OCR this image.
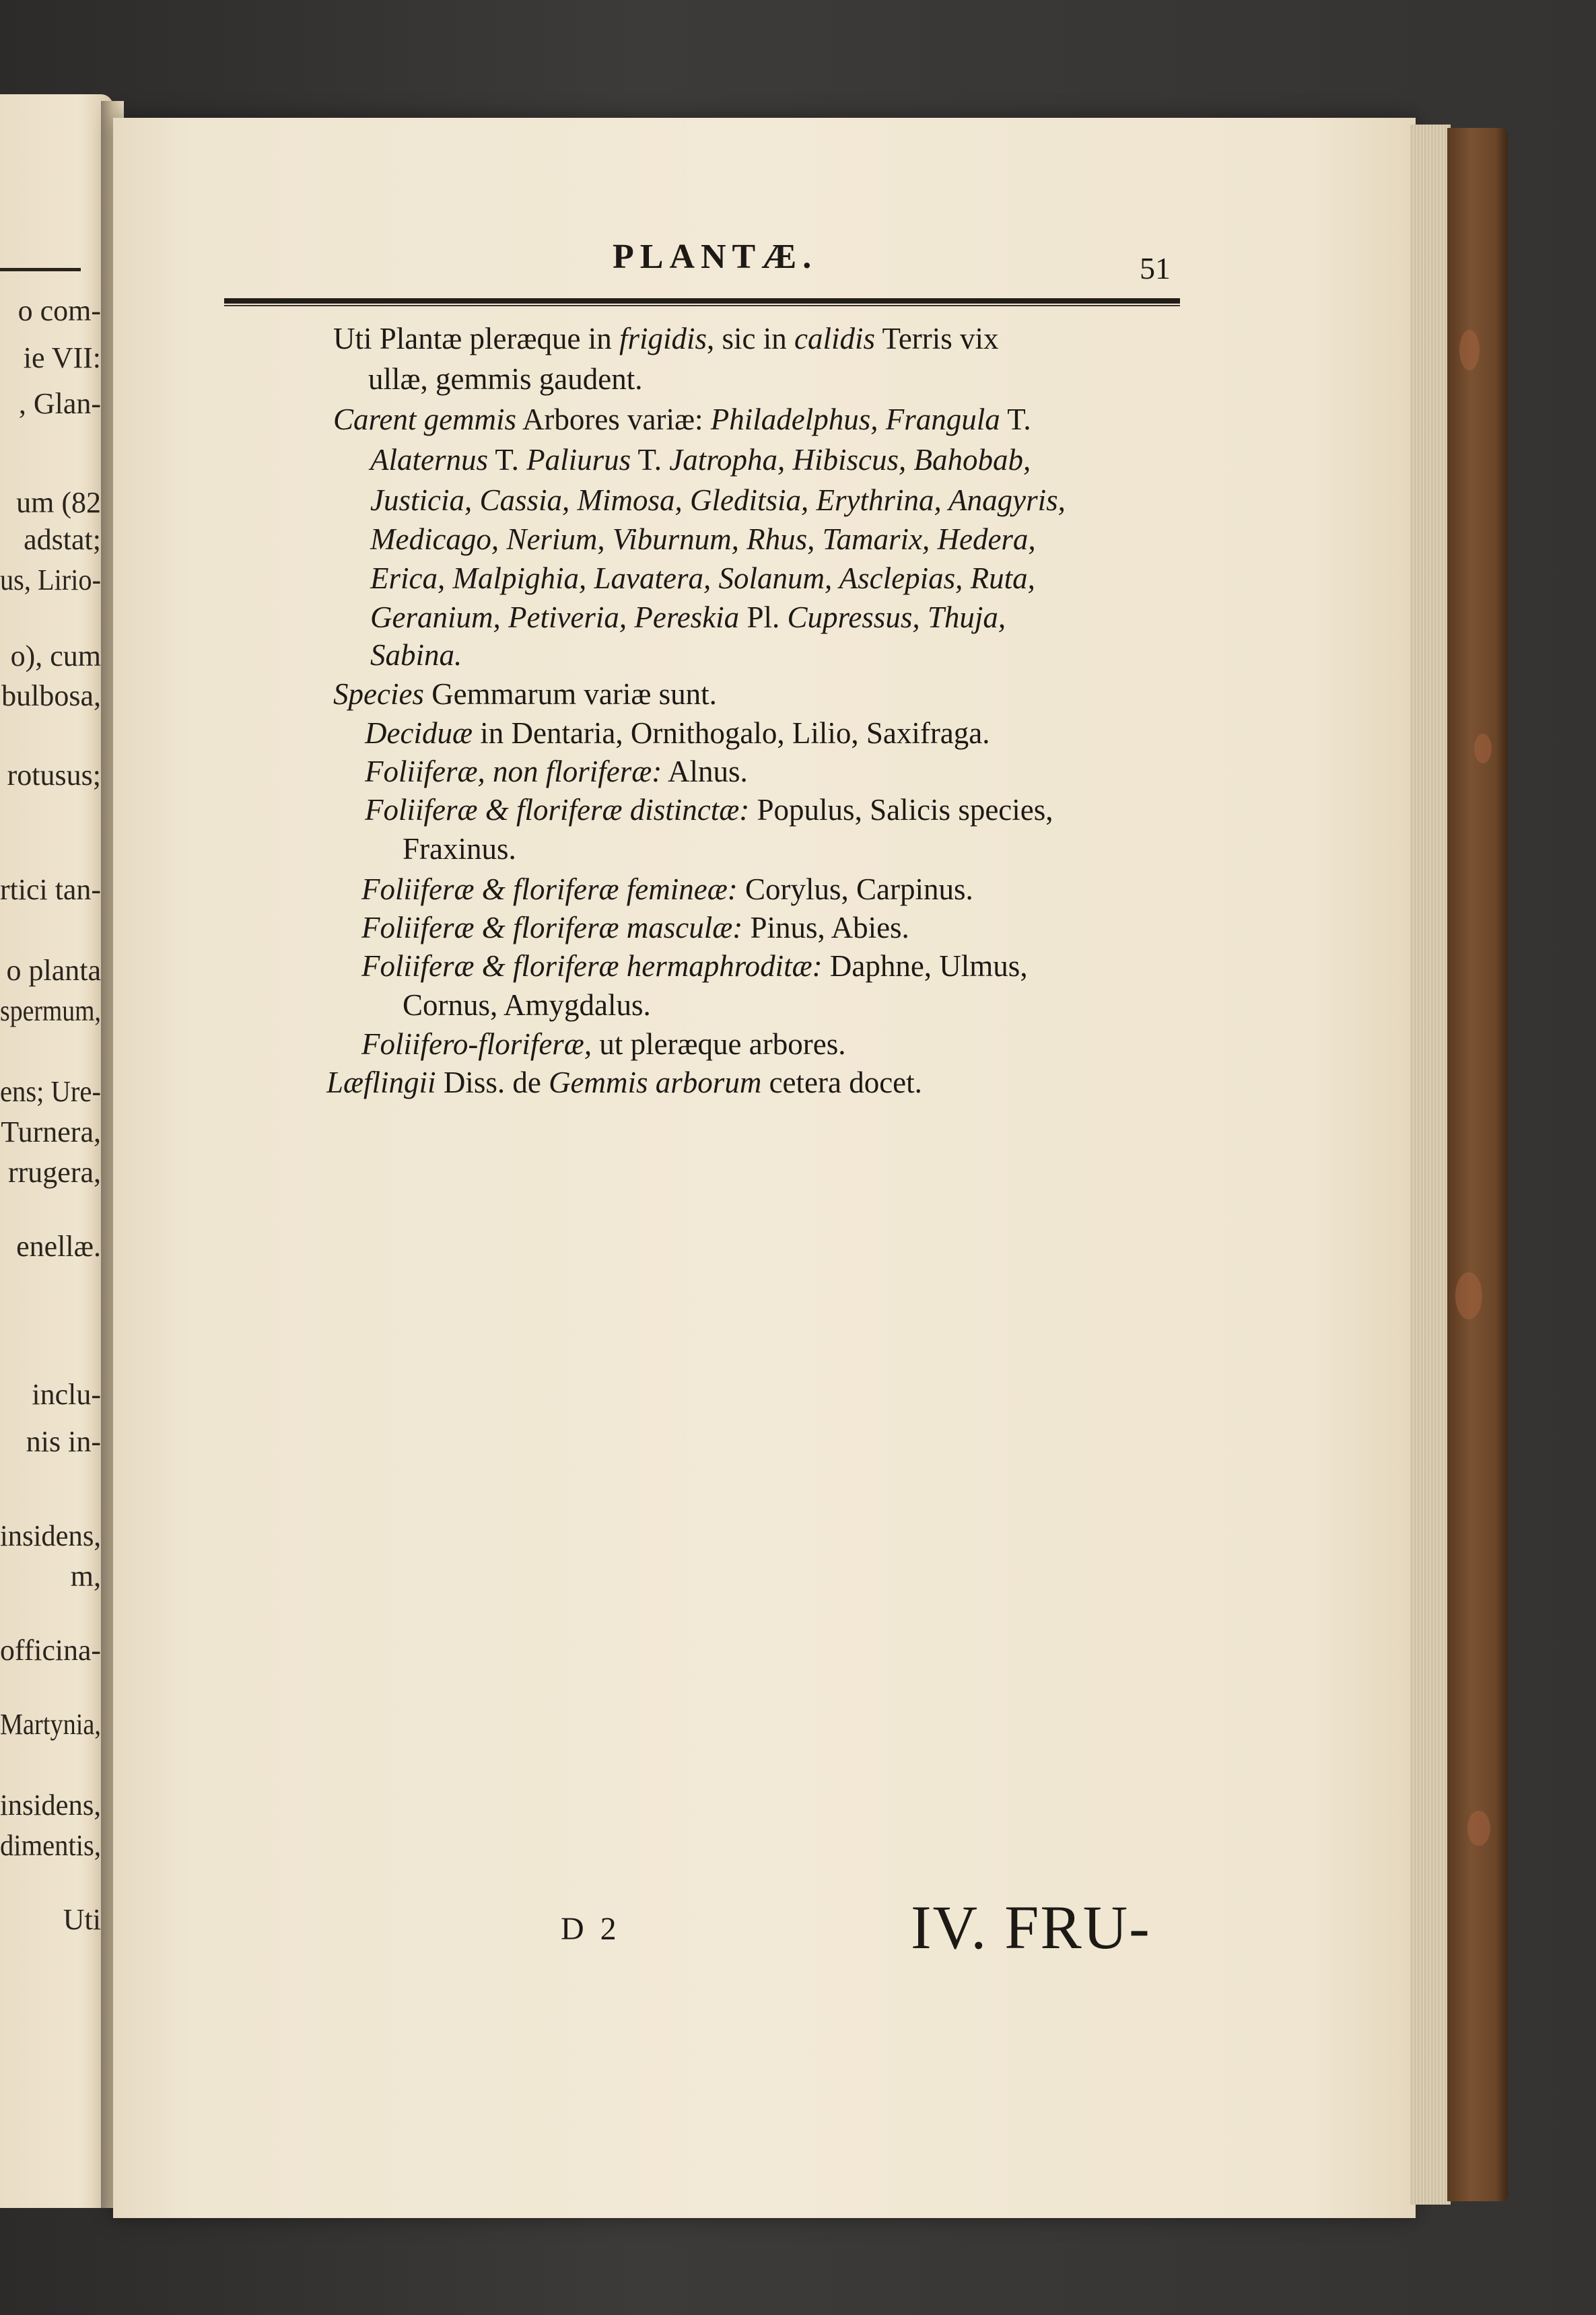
o com-
ie VII:
, Glan-
um (82
adstat;
us, Lirio-
o), cum
bulbosa,
rotusus;
rtici tan-
o planta
spermum,
ens; Ure-
Turnera,
rrugera,
enellæ.
inclu-
nis in-
insidens,
m,
officina-
Martynia,
insidens,
dimentis,
Uti
PLANTÆ.	51
Uti Plantæ pleræque in frigidis, sic in calidis Terris vix
ullæ, gemmis gaudent.
Carent gemmis Arbores variæ: Philadelphus, Frangula T.
Alaternus T. Paliurus T. Jatropha, Hibiscus, Bahobab,
Justicia, Cassia, Mimosa, Gleditsia, Erythrina, Anagyris,
Medicago, Nerium, Viburnum, Rhus, Tamarix, Hedera,
Erica, Malpighia, Lavatera, Solanum, Asclepias, Ruta,
Geranium, Petiveria, Pereskia Pl. Cupressus, Thuja,
Sabina.
Species Gemmarum variæ sunt.
Deciduæ in Dentaria, Ornithogalo, Lilio, Saxifraga.
Foliiferæ, non floriferæ: Alnus.
Foliiferæ & floriferæ distinctæ: Populus, Salicis species,
Fraxinus.
Foliiferæ & floriferæ femineæ: Corylus, Carpinus.
Foliiferæ & floriferæ masculæ: Pinus, Abies.
Foliiferæ & floriferæ hermaphroditæ: Daphne, Ulmus,
Cornus, Amygdalus.
Foliifero-floriferæ, ut pleræque arbores.
Læflingii Diss. de Gemmis arborum cetera docet.
D 2	IV. FRU-
